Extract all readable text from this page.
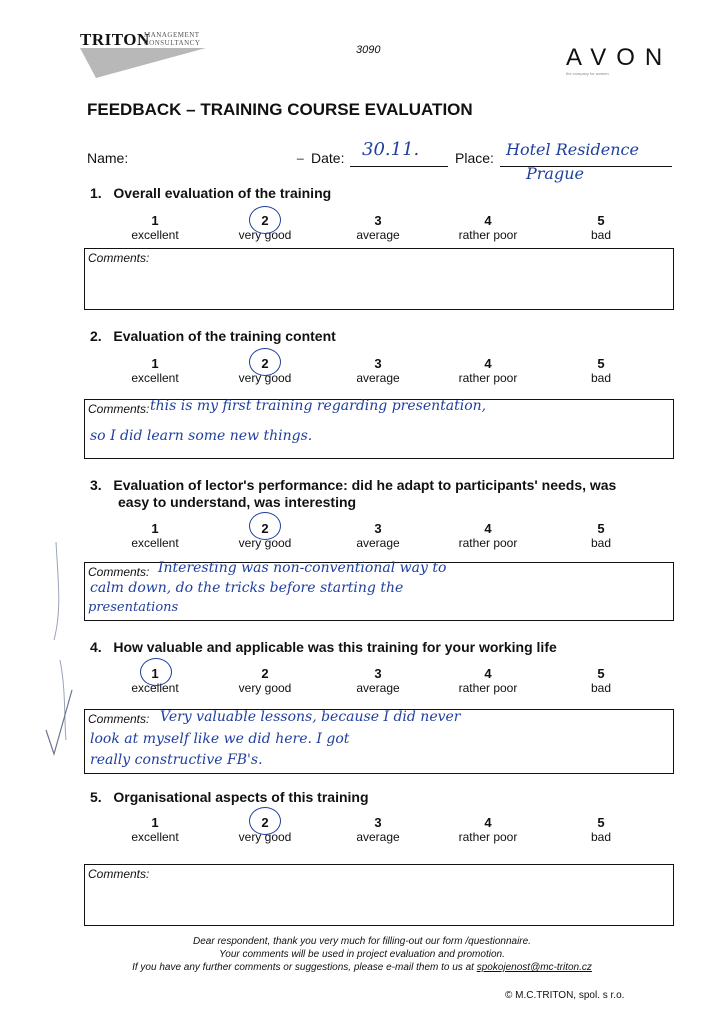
TRITON
MANAGEMENT
CONSULTANCY
3090	AVON
the company for women
FEEDBACK – TRAINING COURSE EVALUATION
Name:	_ Date: 30.11.	Place: Hotel Residence
Prague
1. Overall evaluation of the training
1
excellent
2
very good
3
average
4
rather poor
5
bad
Comments:
2. Evaluation of the training content
1
excellent
2
very good
3
average
4
rather poor
5
bad
Comments: this is my first training regarding presentation,
so I did learn some new things.
3. Evaluation of lector's performance: did he adapt to participants' needs, was
easy to understand, was interesting
1
excellent
2
very good
3
average
4
rather poor
5
bad
Comments: Interesting was non-conventional way to
calm down, do the tricks before starting the
presentations
4. How valuable and applicable was this training for your working life
1
excellent
2
very good
3
average
4
rather poor
5
bad
Comments: Very valuable lessons, because I did never
look at myself like we did here. I got
really constructive FB's.
5. Organisational aspects of this training
1
excellent
2
very good
3
average
4
rather poor
5
bad
Comments:
Dear respondent, thank you very much for filling-out our form /questionnaire.
Your comments will be used in project evaluation and promotion.
If you have any further comments or suggestions, please e-mail them to us at spokojenost@mc-triton.cz
© M.C.TRITON, spol. s r.o.
